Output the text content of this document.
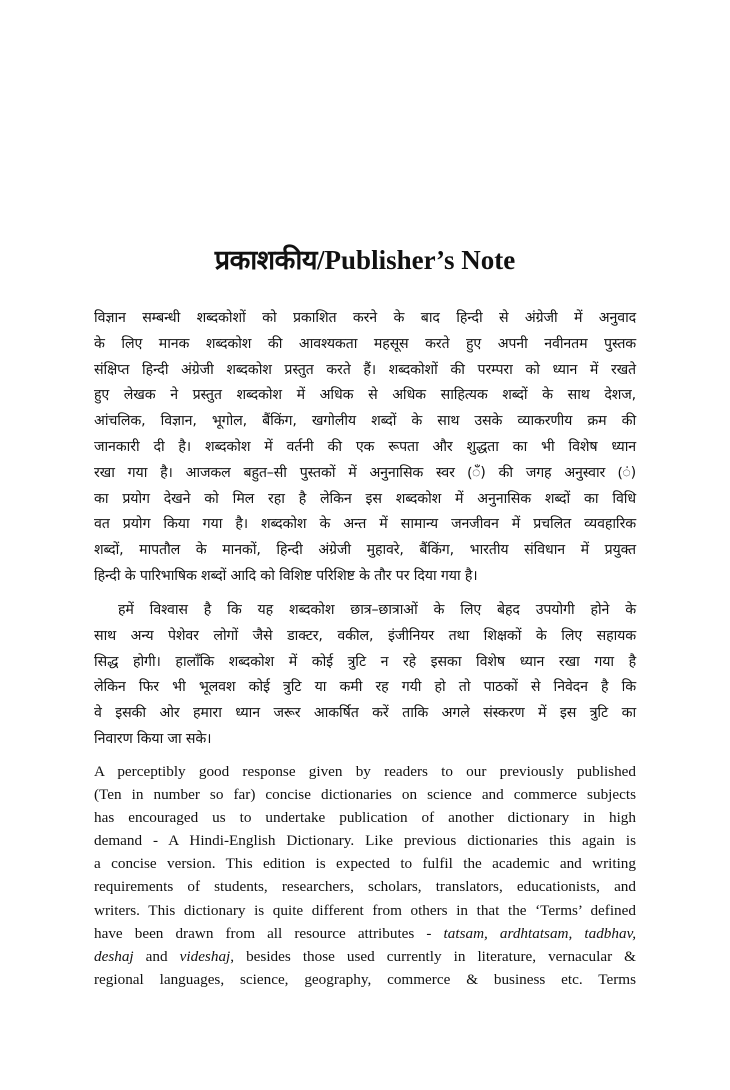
प्रकाशकीय/Publisher’s Note
विज्ञान सम्बन्धी शब्दकोशों को प्रकाशित करने के बाद हिन्दी से अंग्रेजी में अनुवाद
के लिए मानक शब्दकोश की आवश्यकता महसूस करते हुए अपनी नवीनतम पुस्तक
संक्षिप्त हिन्दी अंग्रेजी शब्दकोश प्रस्तुत करते हैं। शब्दकोशों की परम्परा को ध्यान में रखते
हुए लेखक ने प्रस्तुत शब्दकोश में अधिक से अधिक साहित्यक शब्दों के साथ देशज,
आंचलिक, विज्ञान, भूगोल, बैंकिंग, खगोलीय शब्दों के साथ उसके व्याकरणीय क्रम की
जानकारी दी है। शब्दकोश में वर्तनी की एक रूपता और शुद्धता का भी विशेष ध्यान
रखा गया है। आजकल बहुत–सी पुस्तकों में अनुनासिक स्वर (ँ) की जगह अनुस्वार (ं)
का प्रयोग देखने को मिल रहा है लेकिन इस शब्दकोश में अनुनासिक शब्दों का विधि
वत प्रयोग किया गया है। शब्दकोश के अन्त में सामान्य जनजीवन में प्रचलित व्यवहारिक
शब्दों, मापतौल के मानकों, हिन्दी अंग्रेजी मुहावरे, बैंकिंग, भारतीय संविधान में प्रयुक्त
हिन्दी के पारिभाषिक शब्दों आदि को विशिष्ट परिशिष्ट के तौर पर दिया गया है।
हमें विश्वास है कि यह शब्दकोश छात्र–छात्राओं के लिए बेहद उपयोगी होने के
साथ अन्य पेशेवर लोगों जैसे डाक्टर, वकील, इंजीनियर तथा शिक्षकों के लिए सहायक
सिद्ध होगी। हालाँकि शब्दकोश में कोई त्रुटि न रहे इसका विशेष ध्यान रखा गया है
लेकिन फिर भी भूलवश कोई त्रुटि या कमी रह गयी हो तो पाठकों से निवेदन है कि
वे इसकी ओर हमारा ध्यान जरूर आकर्षित करें ताकि अगले संस्करण में इस त्रुटि का
निवारण किया जा सके।
A perceptibly good response given by readers to our previously published
(Ten in number so far) concise dictionaries on science and commerce subjects
has encouraged us to undertake publication of another dictionary in high
demand - A Hindi-English Dictionary. Like previous dictionaries this again is
a concise version. This edition is expected to fulfil the academic and writing
requirements of students, researchers, scholars, translators, educationists, and
writers. This dictionary is quite different from others in that the ‘Terms’ defined
have been drawn from all resource attributes - tatsam, ardhtatsam, tadbhav,
deshaj and videshaj, besides those used currently in literature, vernacular &
regional languages, science, geography, commerce & business etc. Terms
